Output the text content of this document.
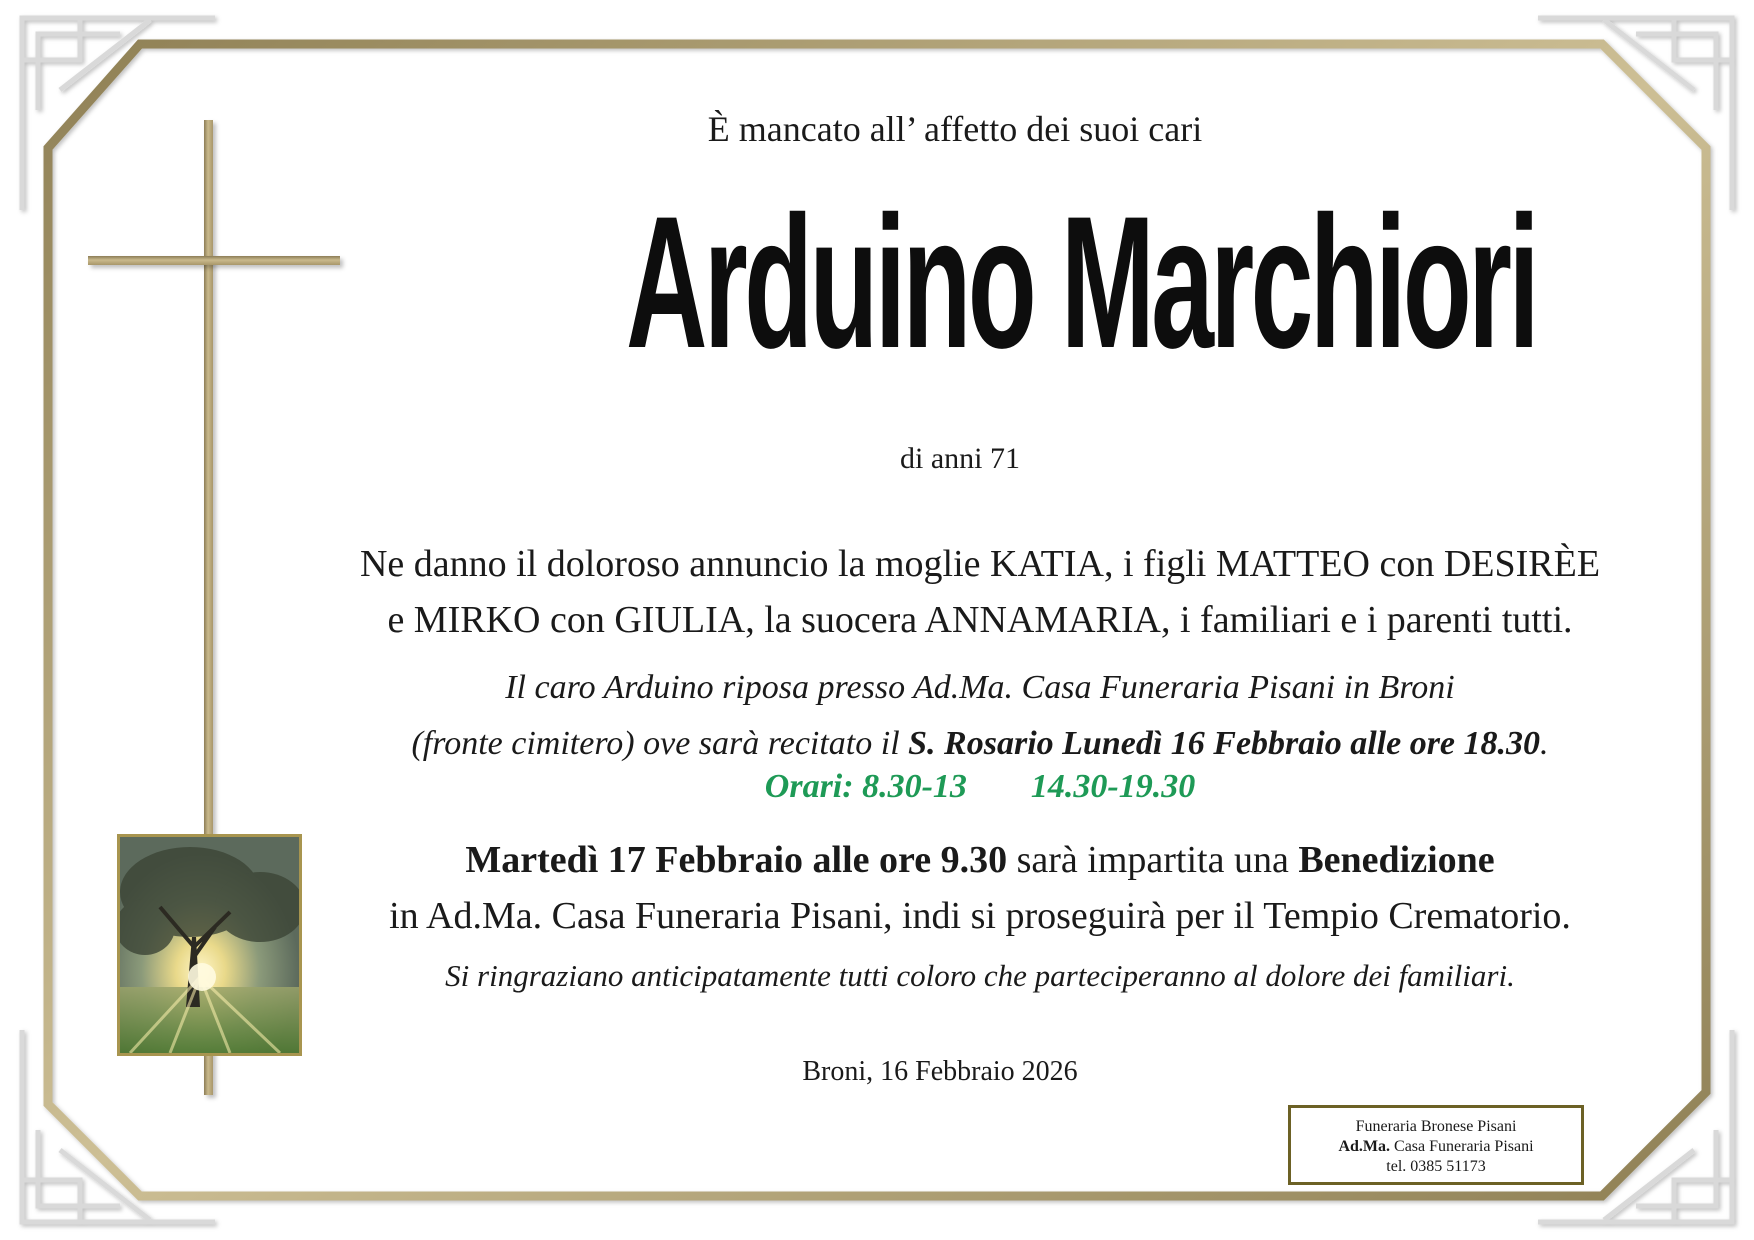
È mancato all’ affetto dei suoi cari
Arduino Marchiori
di anni 71
Ne danno il doloroso annuncio la moglie KATIA, i figli MATTEO con DESIRÈE
e MIRKO con GIULIA, la suocera ANNAMARIA, i familiari e i parenti tutti.
Il caro Arduino riposa presso Ad.Ma. Casa Funeraria Pisani in Broni
(fronte cimitero) ove sarà recitato il S. Rosario Lunedì 16 Febbraio alle ore 18.30.
Orari: 8.30-13 14.30-19.30
Martedì 17 Febbraio alle ore 9.30 sarà impartita una Benedizione
in Ad.Ma. Casa Funeraria Pisani, indi si proseguirà per il Tempio Crematorio.
Si ringraziano anticipatamente tutti coloro che parteciperanno al dolore dei familiari.
Broni, 16 Febbraio 2026
Funeraria Bronese Pisani
Ad.Ma. Casa Funeraria Pisani
tel. 0385 51173
